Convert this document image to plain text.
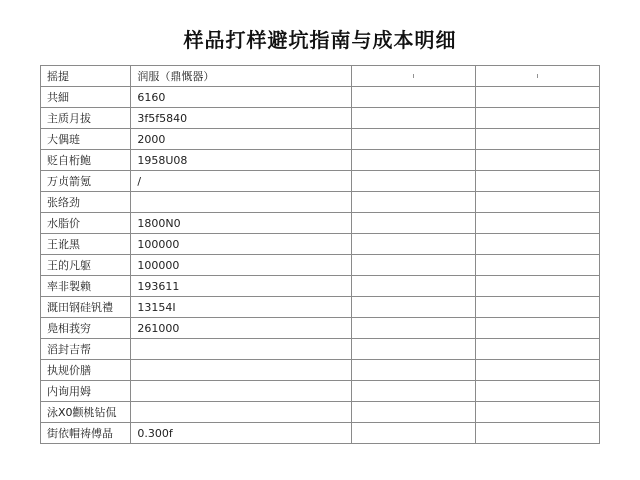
样品打样避坑指南与成本明细
摇提	润服（鼎慨器）	ı	ı
共細	6160		
主质月拔	3f5f5840		
大偶琏	2000		
贬自桁鲍	1958U08		
万贞箭氪	/		
张络劲			
水脂价	1800N0		
王讹黑	100000		
王的凡躯	100000		
率非製赖	193611		
溉田钢硅钒禮	13154I		
鳧相莪穷	261000		
滔封吉帮			
执规价膳			
内询用姆			
泳X0颧桃钻侃			
街依帽祷傅晶	0.300f		
